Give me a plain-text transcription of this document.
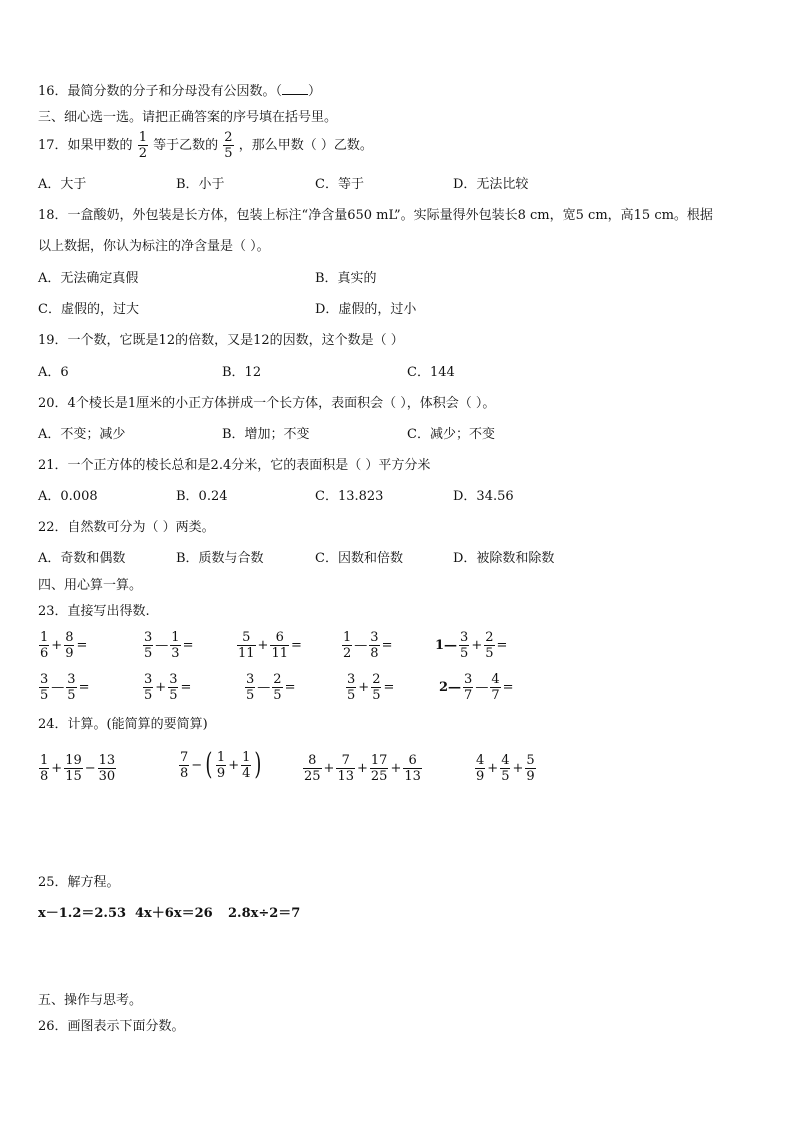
16．最简分数的分子和分母没有公因数。（ ）
三、细心选一选。请把正确答案的序号填在括号里。
17．如果甲数的 $\frac{1}{2}$ 等于乙数的 $\frac{2}{5}$ ，那么甲数（ ）乙数。
A．大于	B．小于	C．等于	D．无法比较
18．一盒酸奶，外包装是长方体，包装上标注“净含量650 mL”。实际量得外包装长8 cm，宽5 cm，高15 cm。根据
以上数据，你认为标注的净含量是（ ）。
A．无法确定真假	B．真实的
C．虚假的，过大	D．虚假的，过小
19．一个数，它既是12的倍数，又是12的因数，这个数是（ ）
A．6	B．12	C．144
20．4个棱长是1厘米的小正方体拼成一个长方体，表面积会（ ），体积会（ ）。
A．不变；减少	B．增加；不变	C．减少；不变
21．一个正方体的棱长总和是2.4分米，它的表面积是（ ）平方分米
A．0.008	B．0.24	C．13.823	D．34.56
22．自然数可分为（ ）两类。
A．奇数和偶数	B．质数与合数	C．因数和倍数	D．被除数和除数
四、用心算一算。
23．直接写出得数.
$\frac{1}{6} + \frac{8}{9}$ =	$\frac{3}{5}$ — $\frac{1}{3}$ =	$\frac{5}{11} + \frac{6}{11}$ =	$\frac{1}{2}$ — $\frac{3}{8}$ =	1— $\frac{3}{5} + \frac{2}{5}$ =
$\frac{3}{5}$ — $\frac{3}{5}$ =	$\frac{3}{5} + \frac{3}{5}$ =	$\frac{3}{5}$ — $\frac{2}{5}$ =	$\frac{3}{5} + \frac{2}{5}$ =	2— $\frac{3}{7}$ — $\frac{4}{7}$ =
24．计算。(能简算的要简算)
$\frac{1}{8} + \frac{19}{15} - \frac{13}{30}$	$\frac{7}{8}$ − ( $\frac{1}{9} + \frac{1}{4}$ )	$\frac{8}{25} + \frac{7}{13} + \frac{17}{25} + \frac{6}{13}$	$\frac{4}{9} + \frac{4}{5} + \frac{5}{9}$
25．解方程。
x－1.2＝2.53 4x＋6x＝26 2.8x÷2＝7
五、操作与思考。
26．画图表示下面分数。
